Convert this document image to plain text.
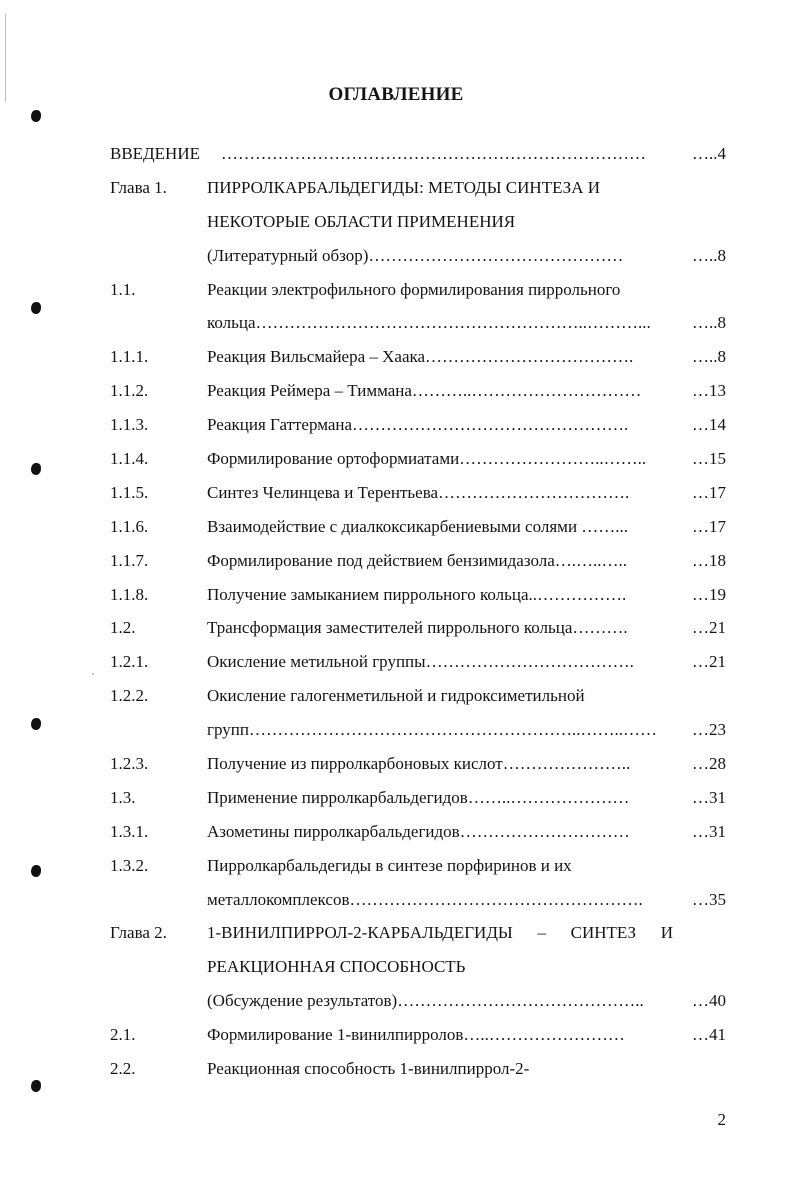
ОГЛАВЛЕНИЕ
ВВЕДЕНИЕ …………………………………………………………………	…..4
Глава 1. ПИРРОЛКАРБАЛЬДЕГИДЫ: МЕТОДЫ СИНТЕЗА И
НЕКОТОРЫЕ ОБЛАСТИ ПРИМЕНЕНИЯ
(Литературный обзор)………………………………………	…..8
1.1.	Реакции электрофильного формилирования пиррольного
кольца…………………………………………………..………...	…..8
1.1.1.	Реакция Вильсмайера – Хаака……………………………….	…..8
1.1.2.	Реакция Реймера – Тиммана………..…………………………	…13
1.1.3.	Реакция Гаттермана………………………………………….	…14
1.1.4.	Формилирование ортоформиатами……………………..……..	…15
1.1.5.	Синтез Челинцева и Терентьева…………………………….	…17
1.1.6.	Взаимодействие с диалкоксикарбениевыми солями ……...	…17
1.1.7.	Формилирование под действием бензимидазола….…..…..	…18
1.1.8.	Получение замыканием пиррольного кольца..…………….	…19
1.2.	Трансформация заместителей пиррольного кольца……….	…21
1.2.1.	Окисление метильной группы……………………………….	…21
1.2.2.	Окисление галогенметильной и гидроксиметильной
групп…………………………………………………..……..……	…23
1.2.3.	Получение из пирролкарбоновых кислот…………………..	…28
1.3.	Применение пирролкарбальдегидов……..…………………	…31
1.3.1.	Азометины пирролкарбальдегидов…………………………	…31
1.3.2.	Пирролкарбальдегиды в синтезе порфиринов и их
металлокомплексов…………………………………………….	…35
Глава 2. 1-ВИНИЛПИРРОЛ-2-КАРБАЛЬДЕГИДЫ – СИНТЕЗ И
РЕАКЦИОННАЯ СПОСОБНОСТЬ
(Обсуждение результатов)……………………………………..	…40
2.1.	Формилирование 1-винилпирролов…..……………………	…41
2.2.	Реакционная способность 1-винилпиррол-2-
2
